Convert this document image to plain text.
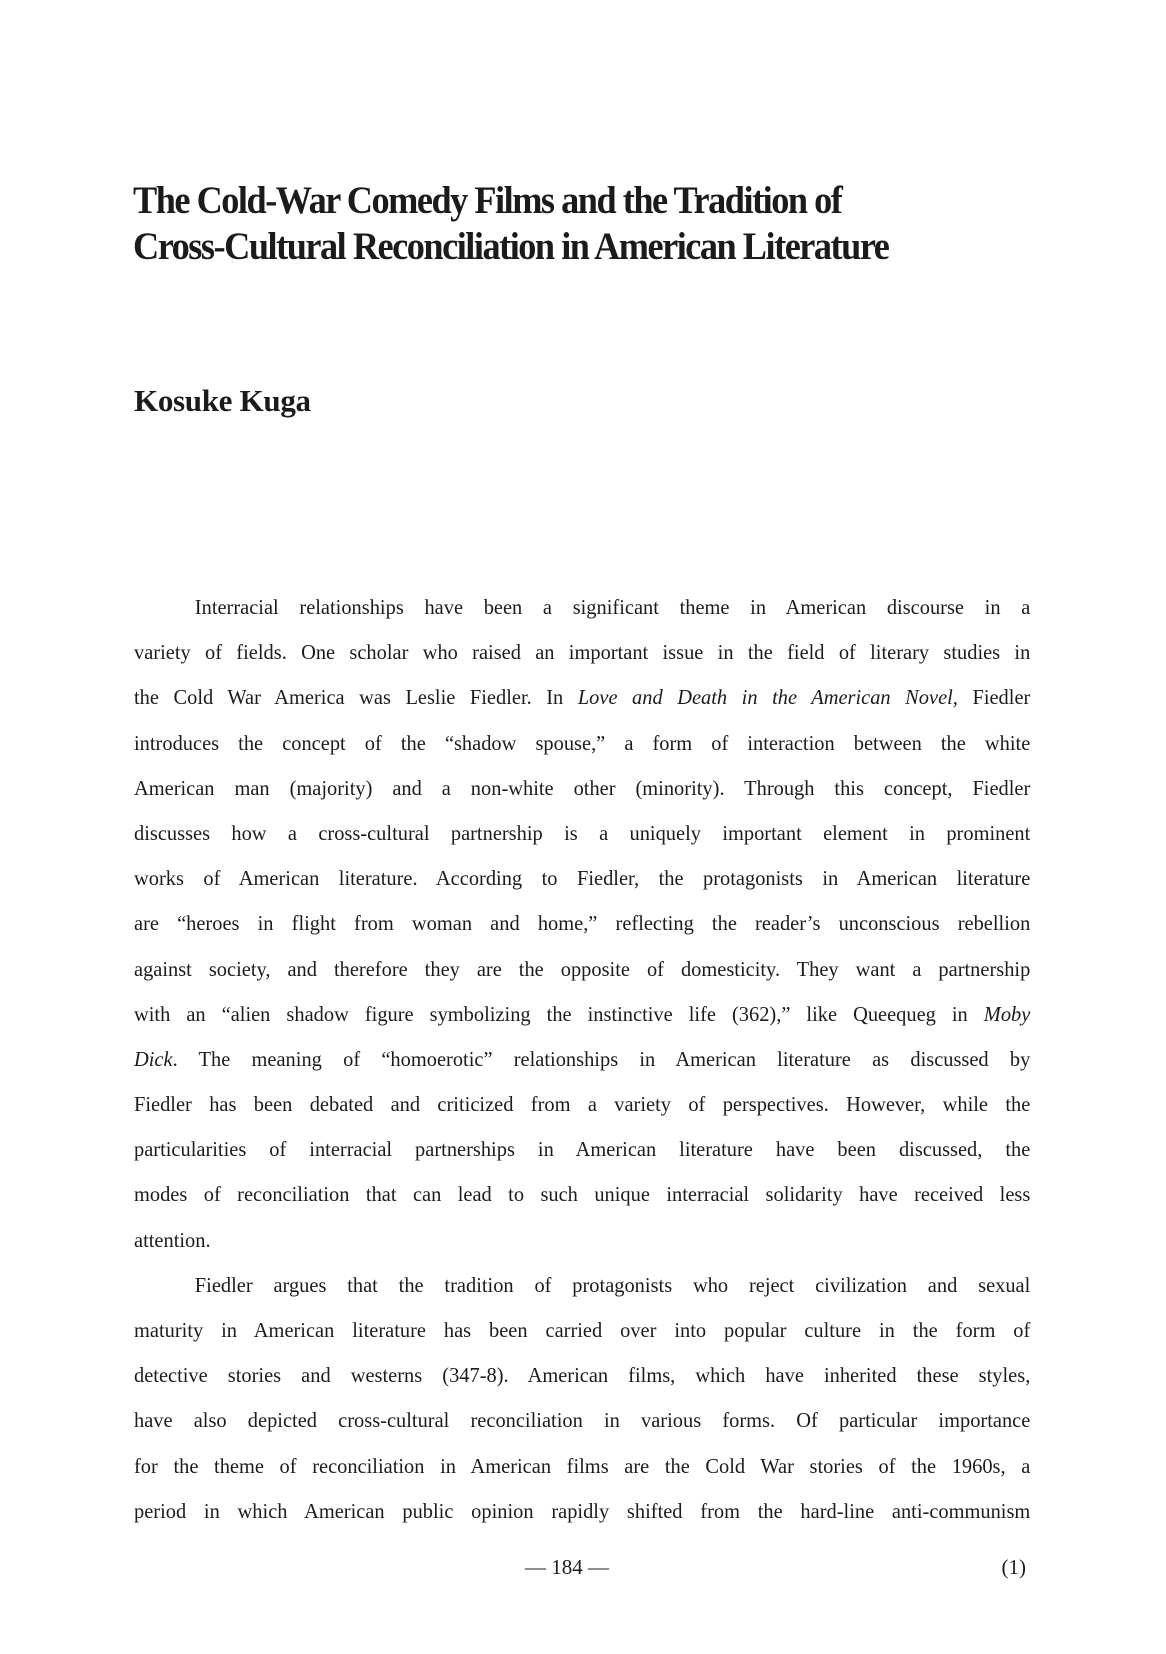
The Cold-War Comedy Films and the Tradition of
Cross-Cultural Reconciliation in American Literature
Kosuke Kuga
Interracial relationships have been a significant theme in American discourse in a
variety of fields. One scholar who raised an important issue in the field of literary studies in
the Cold War America was Leslie Fiedler. In Love and Death in the American Novel, Fiedler
introduces the concept of the “shadow spouse,” a form of interaction between the white
American man (majority) and a non-white other (minority). Through this concept, Fiedler
discusses how a cross-cultural partnership is a uniquely important element in prominent
works of American literature. According to Fiedler, the protagonists in American literature
are “heroes in flight from woman and home,” reflecting the reader’s unconscious rebellion
against society, and therefore they are the opposite of domesticity. They want a partnership
with an “alien shadow figure symbolizing the instinctive life (362),” like Queequeg in Moby
Dick. The meaning of “homoerotic” relationships in American literature as discussed by
Fiedler has been debated and criticized from a variety of perspectives. However, while the
particularities of interracial partnerships in American literature have been discussed, the
modes of reconciliation that can lead to such unique interracial solidarity have received less
attention.
Fiedler argues that the tradition of protagonists who reject civilization and sexual
maturity in American literature has been carried over into popular culture in the form of
detective stories and westerns (347-8). American films, which have inherited these styles,
have also depicted cross-cultural reconciliation in various forms. Of particular importance
for the theme of reconciliation in American films are the Cold War stories of the 1960s, a
period in which American public opinion rapidly shifted from the hard-line anti-communism
— 184 —	(1)
